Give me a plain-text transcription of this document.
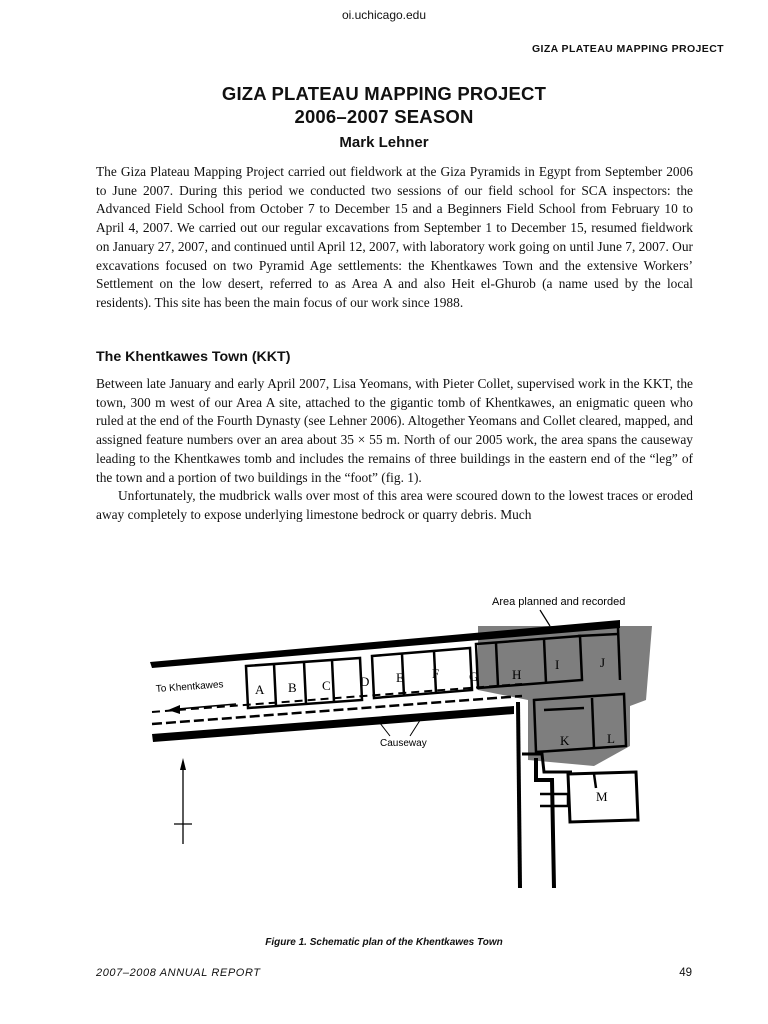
oi.uchicago.edu
GIZA PLATEAU MAPPING PROJECT
GIZA PLATEAU MAPPING PROJECT
2006–2007 SEASON
Mark Lehner

The Giza Plateau Mapping Project carried out fieldwork at the Giza Pyramids in Egypt from September 2006 to June 2007. During this period we conducted two sessions of our field school for SCA inspectors: the Advanced Field School from October 7 to December 15 and a Beginners Field School from February 10 to April 4, 2007. We carried out our regular excavations from September 1 to December 15, resumed fieldwork on January 27, 2007, and continued until April 12, 2007, with laboratory work going on until June 7, 2007. Our excavations focused on two Pyramid Age settlements: the Khentkawes Town and the extensive Workers’ Settlement on the low desert, referred to as Area A and also Heit el-Ghurob (a name used by the local residents). This site has been the main focus of our work since 1988.

The Khentkawes Town (KKT)

Between late January and early April 2007, Lisa Yeomans, with Pieter Collet, supervised work in the KKT, the town, 300 m west of our Area A site, attached to the gigantic tomb of Khentkawes, an enigmatic queen who ruled at the end of the Fourth Dynasty (see Lehner 2006). Altogether Yeomans and Collet cleared, mapped, and assigned feature numbers over an area about 35 × 55 m. North of our 2005 work, the area spans the causeway leading to the Khentkawes tomb and includes the remains of three buildings in the eastern end of the “leg” of the town and a portion of two buildings in the “foot” (fig. 1).

Unfortunately, the mudbrick walls over most of this area were scoured down to the lowest traces or eroded away completely to expose underlying limestone bedrock or quarry debris. Much

Area planned and recorded
To Khentkawes
Causeway
A B C D E F G	H
I	J
K	L
M
Figure 1. Schematic plan of the Khentkawes Town
2007–2008 ANNUAL REPORT	49
